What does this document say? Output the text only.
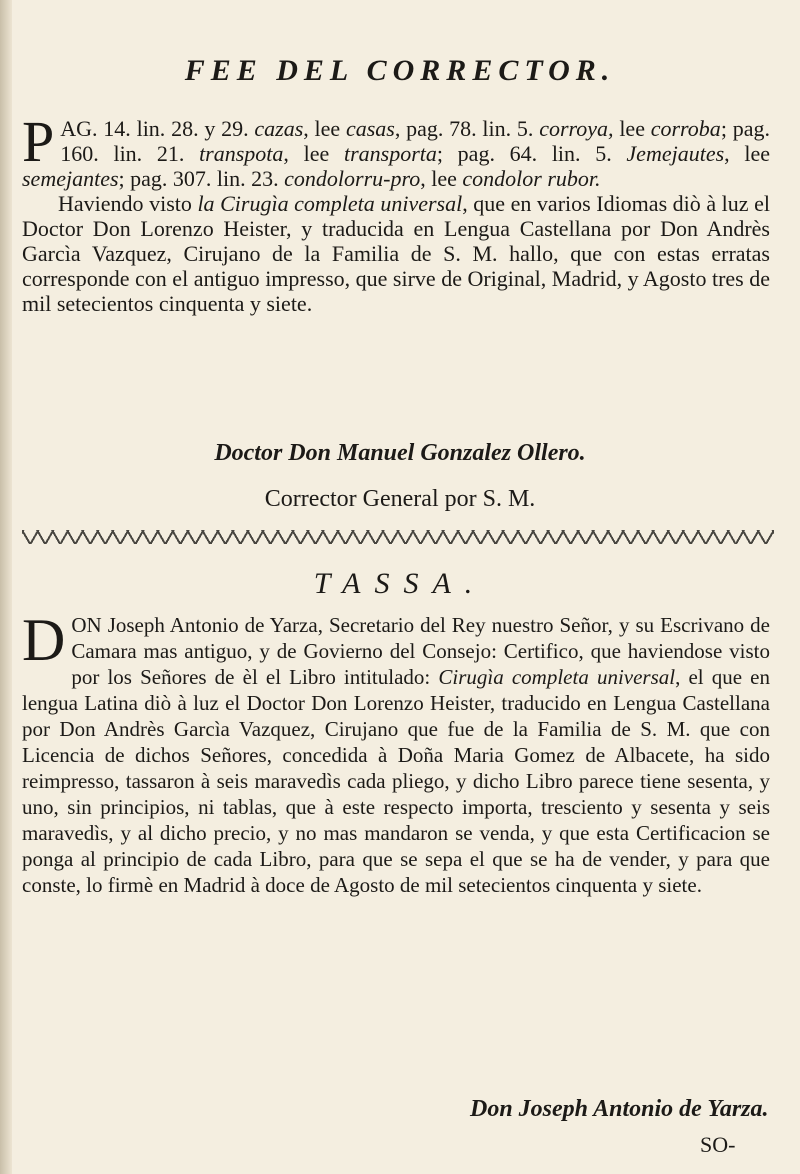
FEE DEL CORRECTOR.

PAG. 14. lin. 28. y 29. cazas, lee casas, pag. 78. lin. 5. corroya, lee corroba; pag. 160. lin. 21. transpota, lee transporta; pag. 64. lin. 5. Jemejautes, lee semejantes; pag. 307. lin. 23. condolorru-pro, lee condolor rubor.

Haviendo visto la Cirugìa completa universal, que en varios Idiomas diò à luz el Doctor Don Lorenzo Heister, y traducida en Lengua Castellana por Don Andrès Garcìa Vazquez, Cirujano de la Familia de S. M. hallo, que con estas erratas corresponde con el antiguo impresso, que sirve de Original, Madrid, y Agosto tres de mil setecientos cinquenta y siete.

Doctor Don Manuel Gonzalez Ollero.
Corrector General por S. M.
TASSA.

DON Joseph Antonio de Yarza, Secretario del Rey nuestro Señor, y su Escrivano de Camara mas antiguo, y de Govierno del Consejo: Certifico, que haviendose visto por los Señores de èl el Libro intitulado: Cirugìa completa universal, el que en lengua Latina diò à luz el Doctor Don Lorenzo Heister, traducido en Lengua Castellana por Don Andrès Garcìa Vazquez, Cirujano que fue de la Familia de S. M. que con Licencia de dichos Señores, concedida à Doña Maria Gomez de Albacete, ha sido reimpresso, tassaron à seis maravedìs cada pliego, y dicho Libro parece tiene sesenta, y uno, sin principios, ni tablas, que à este respecto importa, tresciento y sesenta y seis maravedìs, y al dicho precio, y no mas mandaron se venda, y que esta Certificacion se ponga al principio de cada Libro, para que se sepa el que se ha de vender, y para que conste, lo firmè en Madrid à doce de Agosto de mil setecientos cinquenta y siete.

Don Joseph Antonio de Yarza.
SO-
